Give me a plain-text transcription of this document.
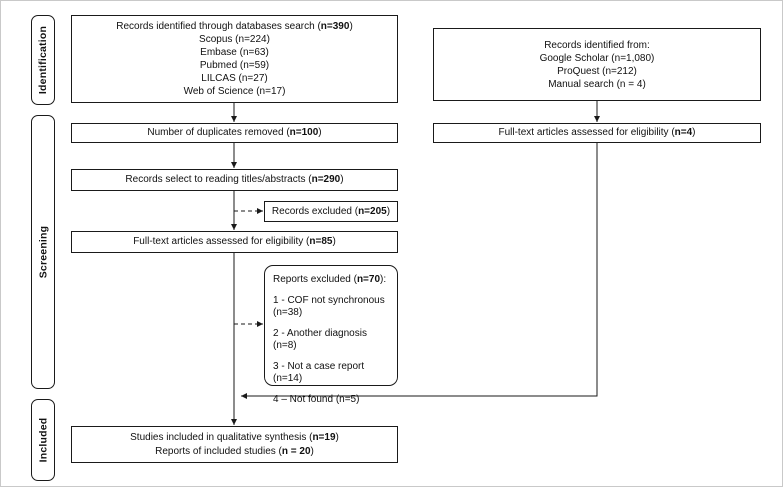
Identification
Screening
Included
Records identified through databases search (n=390)
Scopus (n=224)
Embase (n=63)
Pubmed (n=59)
LILCAS (n=27)
Web of Science (n=17)
Records identified from:
Google Scholar (n=1,080)
ProQuest (n=212)
Manual search (n = 4)
Number of duplicates removed (n=100)	Full-text articles assessed for eligibility (n=4)
Records select to reading titles/abstracts (n=290)
Records excluded (n=205)
Full-text articles assessed for eligibility (n=85)
Reports excluded (n=70):
1 - COF not synchronous (n=38)
2 - Another diagnosis (n=8)
3 - Not a case report (n=14)
4 – Not found (n=5)
Studies included in qualitative synthesis (n=19)
Reports of included studies (n = 20)
